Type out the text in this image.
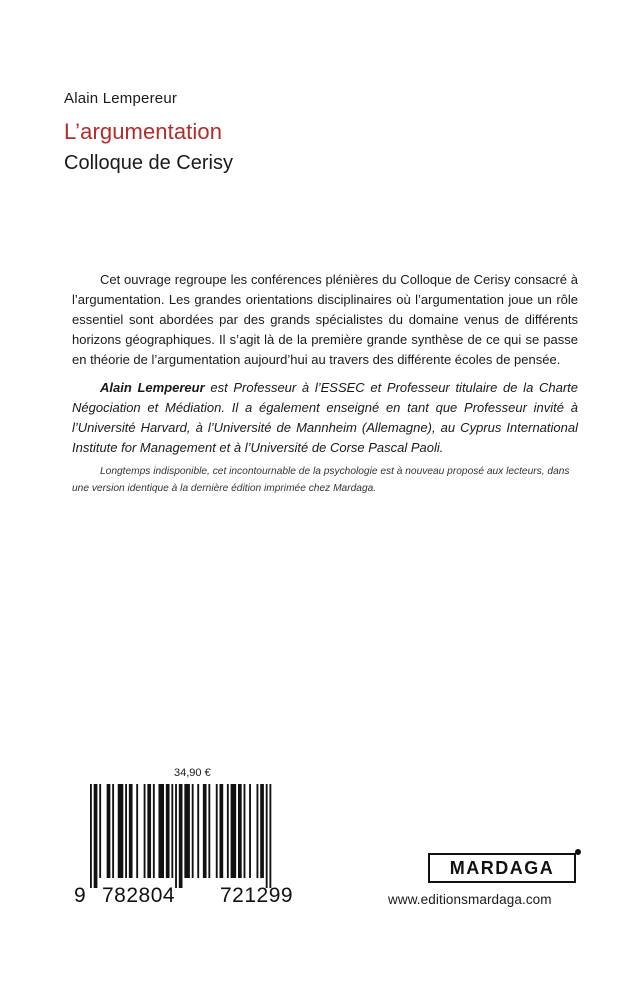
Alain Lempereur
L’argumentation
Colloque de Cerisy
Cet ouvrage regroupe les conférences plénières du Colloque de Cerisy consacré à l’argumentation. Les grandes orientations disciplinaires où l’argumentation joue un rôle essentiel sont abordées par des grands spécialistes du domaine venus de différents horizons géographiques. Il s’agit là de la première grande synthèse de ce qui se passe en théorie de l’argumentation aujourd’hui au travers des différente écoles de pensée.
Alain Lempereur est Professeur à l’ESSEC et Professeur titulaire de la Charte Négociation et Médiation. Il a également enseigné en tant que Professeur invité à l’Université Harvard, à l’Université de Mannheim (Allemagne), au Cyprus International Institute for Management et à l’Université de Corse Pascal Paoli.
Longtemps indisponible, cet incontournable de la psychologie est à nouveau proposé aux lecteurs, dans une version identique à la dernière édition imprimée chez Mardaga.
34,90 €
9 782804 721299
MARDAGA
www.editionsmardaga.com
